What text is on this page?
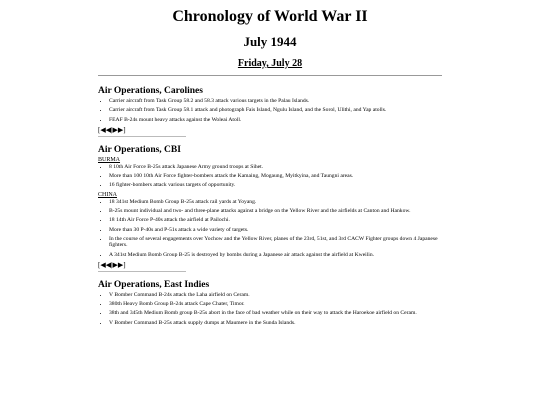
Chronology of World War II
July 1944
Friday, July 28
Air Operations, Carolines
• Carrier aircraft from Task Group 58.2 and 58.3 attack various targets in the Palau Islands.
• Carrier aircraft from Task Group 58.1 attack and photograph Fais Island, Ngulu Island, and the Sorol, Ulithi, and Yap atolls.
• FEAF B-24s mount heavy attacks against the Woleai Atoll.
[◀◀|▶▶]
Air Operations, CBI
BURMA
• 8 10th Air Force B-25s attack Japanese Army ground troops at Sihet.
• More than 100 10th Air Force fighter-bombers attack the Kamaing, Mogaung, Myitkyina, and Taungni areas.
• 16 fighter-bombers attack various targets of opportunity.
CHINA
• 18 341st Medium Bomb Group B-25s attack rail yards at Yoyang.
• B-25s mount individual and two- and three-plane attacks against a bridge on the Yellow River and the airfields at Canton and Hankow.
• 18 14th Air Force P-40s attack the airfield at Pailochi.
• More than 30 P-40s and P-51s attack a wide variety of targets.
• In the course of several engagements over Yochow and the Yellow River, planes of the 23rd, 51st, and 3rd CACW Fighter groups down 4 Japanese fighters.
• A 341st Medium Bomb Group B-25 is destroyed by bombs during a Japanese air attack against the airfield at Kweilin.
[◀◀|▶▶]
Air Operations, East Indies
• V Bomber Command B-24s attack the Laha airfield on Ceram.
• 380th Heavy Bomb Group B-24s attack Cape Chater, Timor.
• 38th and 345th Medium Bomb group B-25s abort in the face of bad weather while on their way to attack the Haroekoe airfield on Ceram.
• V Bomber Command B-25s attack supply dumps at Maumere in the Sunda Islands.
